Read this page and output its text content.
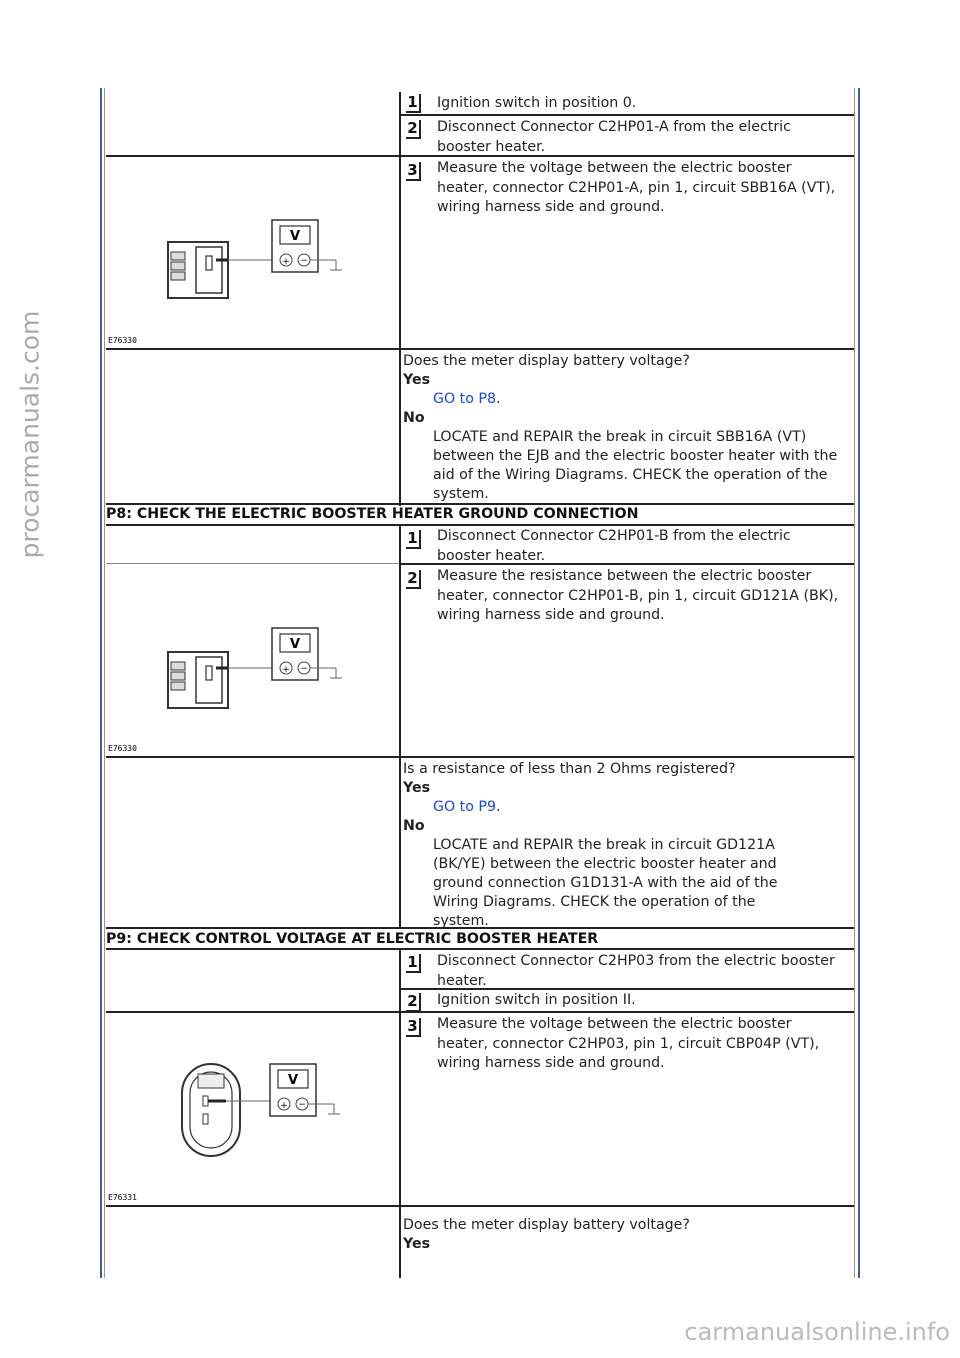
1 Ignition switch in position 0.
2 Disconnect Connector C2HP01-A from the electric booster heater.
3 Measure the voltage between the electric booster heater, connector C2HP01-A, pin 1, circuit SBB16A (VT), wiring harness side and ground.
V
+ −
E76330
Does the meter display battery voltage?
Yes
GO to P8.
No
LOCATE and REPAIR the break in circuit SBB16A (VT) between the EJB and the electric booster heater with the aid of the Wiring Diagrams. CHECK the operation of the system.
P8: CHECK THE ELECTRIC BOOSTER HEATER GROUND CONNECTION
1 Disconnect Connector C2HP01-B from the electric booster heater.
2 Measure the resistance between the electric booster heater, connector C2HP01-B, pin 1, circuit GD121A (BK), wiring harness side and ground.
V
+ −
E76330
Is a resistance of less than 2 Ohms registered?
Yes
GO to P9.
No
LOCATE and REPAIR the break in circuit GD121A (BK/YE) between the electric booster heater and ground connection G1D131-A with the aid of the Wiring Diagrams. CHECK the operation of the system.
P9: CHECK CONTROL VOLTAGE AT ELECTRIC BOOSTER HEATER
1 Disconnect Connector C2HP03 from the electric booster heater.
2 Ignition switch in position II.
3 Measure the voltage between the electric booster heater, connector C2HP03, pin 1, circuit CBP04P (VT), wiring harness side and ground.
V
+ −
E76331
Does the meter display battery voltage?
Yes
procarmanuals.com
carmanualsonline.info
